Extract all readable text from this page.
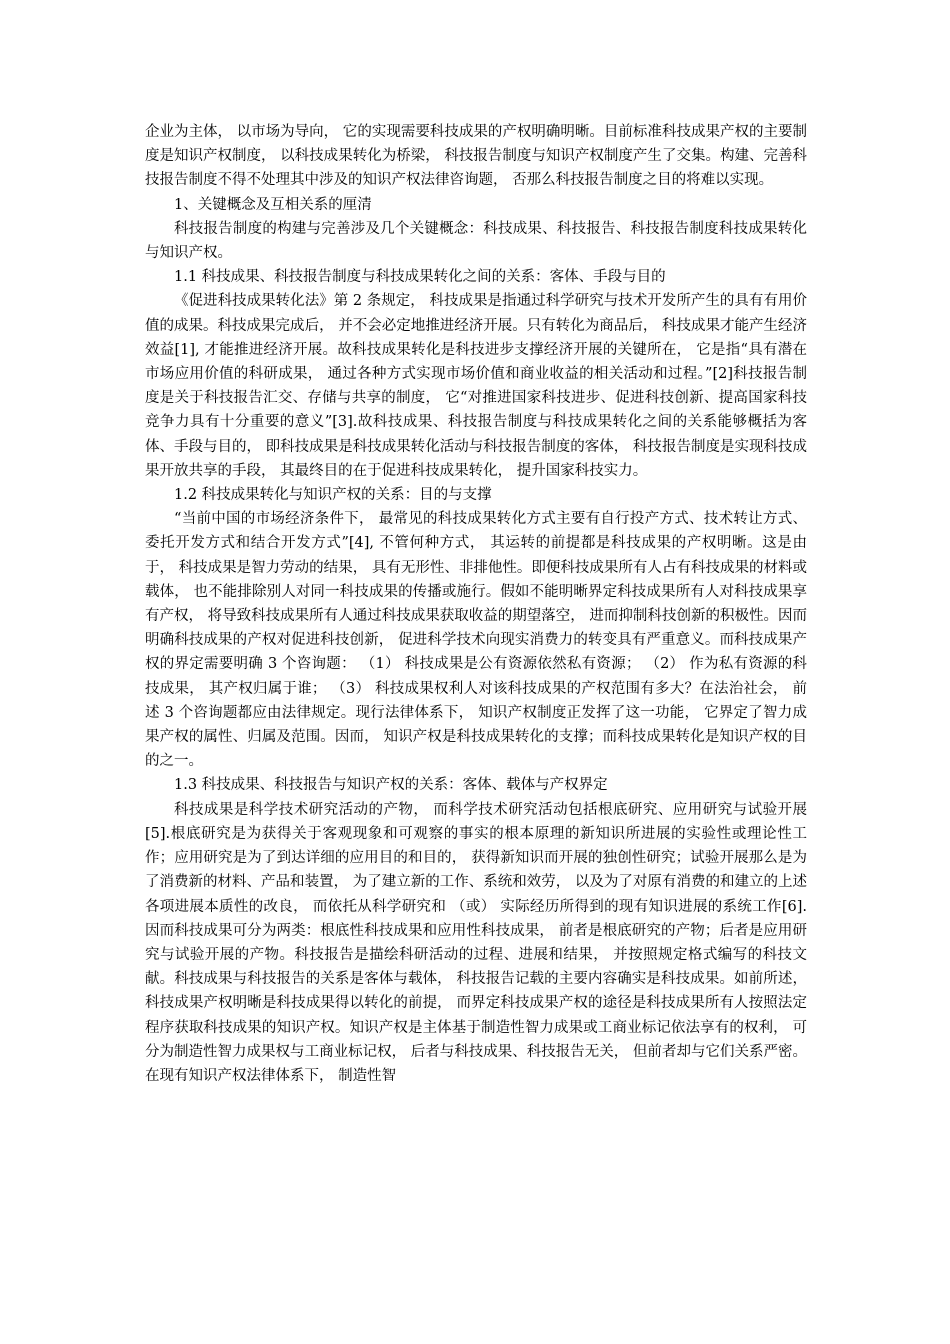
企业为主体， 以市场为导向， 它的实现需要科技成果的产权明确明晰。目前标准科技成果产权的主要制度是知识产权制度， 以科技成果转化为桥梁， 科技报告制度与知识产权制度产生了交集。构建、完善科技报告制度不得不处理其中涉及的知识产权法律咨询题， 否那么科技报告制度之目的将难以实现。

1、关键概念及互相关系的厘清

科技报告制度的构建与完善涉及几个关键概念：科技成果、科技报告、科技报告制度科技成果转化与知识产权。

1.1 科技成果、科技报告制度与科技成果转化之间的关系：客体、手段与目的

《促进科技成果转化法》第 2 条规定， 科技成果是指通过科学研究与技术开发所产生的具有有用价值的成果。科技成果完成后， 并不会必定地推进经济开展。只有转化为商品后， 科技成果才能产生经济效益[1], 才能推进经济开展。故科技成果转化是科技进步支撑经济开展的关键所在， 它是指“具有潜在市场应用价值的科研成果， 通过各种方式实现市场价值和商业收益的相关活动和过程。”[2]科技报告制度是关于科技报告汇交、存储与共享的制度， 它“对推进国家科技进步、促进科技创新、提高国家科技竞争力具有十分重要的意义”[3].故科技成果、科技报告制度与科技成果转化之间的关系能够概括为客体、手段与目的， 即科技成果是科技成果转化活动与科技报告制度的客体， 科技报告制度是实现科技成果开放共享的手段， 其最终目的在于促进科技成果转化， 提升国家科技实力。

1.2 科技成果转化与知识产权的关系：目的与支撑

“当前中国的市场经济条件下， 最常见的科技成果转化方式主要有自行投产方式、技术转让方式、委托开发方式和结合开发方式”[4], 不管何种方式， 其运转的前提都是科技成果的产权明晰。这是由于， 科技成果是智力劳动的结果， 具有无形性、非排他性。即便科技成果所有人占有科技成果的材料或载体， 也不能排除别人对同一科技成果的传播或施行。假如不能明晰界定科技成果所有人对科技成果享有产权， 将导致科技成果所有人通过科技成果获取收益的期望落空， 进而抑制科技创新的积极性。因而明确科技成果的产权对促进科技创新， 促进科学技术向现实消费力的转变具有严重意义。而科技成果产权的界定需要明确 3 个咨询题： （1） 科技成果是公有资源依然私有资源； （2） 作为私有资源的科技成果， 其产权归属于谁； （3） 科技成果权利人对该科技成果的产权范围有多大？在法治社会， 前述 3 个咨询题都应由法律规定。现行法律体系下， 知识产权制度正发挥了这一功能， 它界定了智力成果产权的属性、归属及范围。因而， 知识产权是科技成果转化的支撑；而科技成果转化是知识产权的目的之一。

1.3 科技成果、科技报告与知识产权的关系：客体、载体与产权界定

科技成果是科学技术研究活动的产物， 而科学技术研究活动包括根底研究、应用研究与试验开展[5].根底研究是为获得关于客观现象和可观察的事实的根本原理的新知识所进展的实验性或理论性工作；应用研究是为了到达详细的应用目的和目的， 获得新知识而开展的独创性研究；试验开展那么是为了消费新的材料、产品和装置， 为了建立新的工作、系统和效劳， 以及为了对原有消费的和建立的上述各项进展本质性的改良， 而依托从科学研究和 （或） 实际经历所得到的现有知识进展的系统工作[6].因而科技成果可分为两类：根底性科技成果和应用性科技成果， 前者是根底研究的产物；后者是应用研究与试验开展的产物。科技报告是描绘科研活动的过程、进展和结果， 并按照规定格式编写的科技文献。科技成果与科技报告的关系是客体与载体， 科技报告记载的主要内容确实是科技成果。如前所述， 科技成果产权明晰是科技成果得以转化的前提， 而界定科技成果产权的途径是科技成果所有人按照法定程序获取科技成果的知识产权。知识产权是主体基于制造性智力成果或工商业标记依法享有的权利， 可分为制造性智力成果权与工商业标记权， 后者与科技成果、科技报告无关， 但前者却与它们关系严密。在现有知识产权法律体系下， 制造性智
